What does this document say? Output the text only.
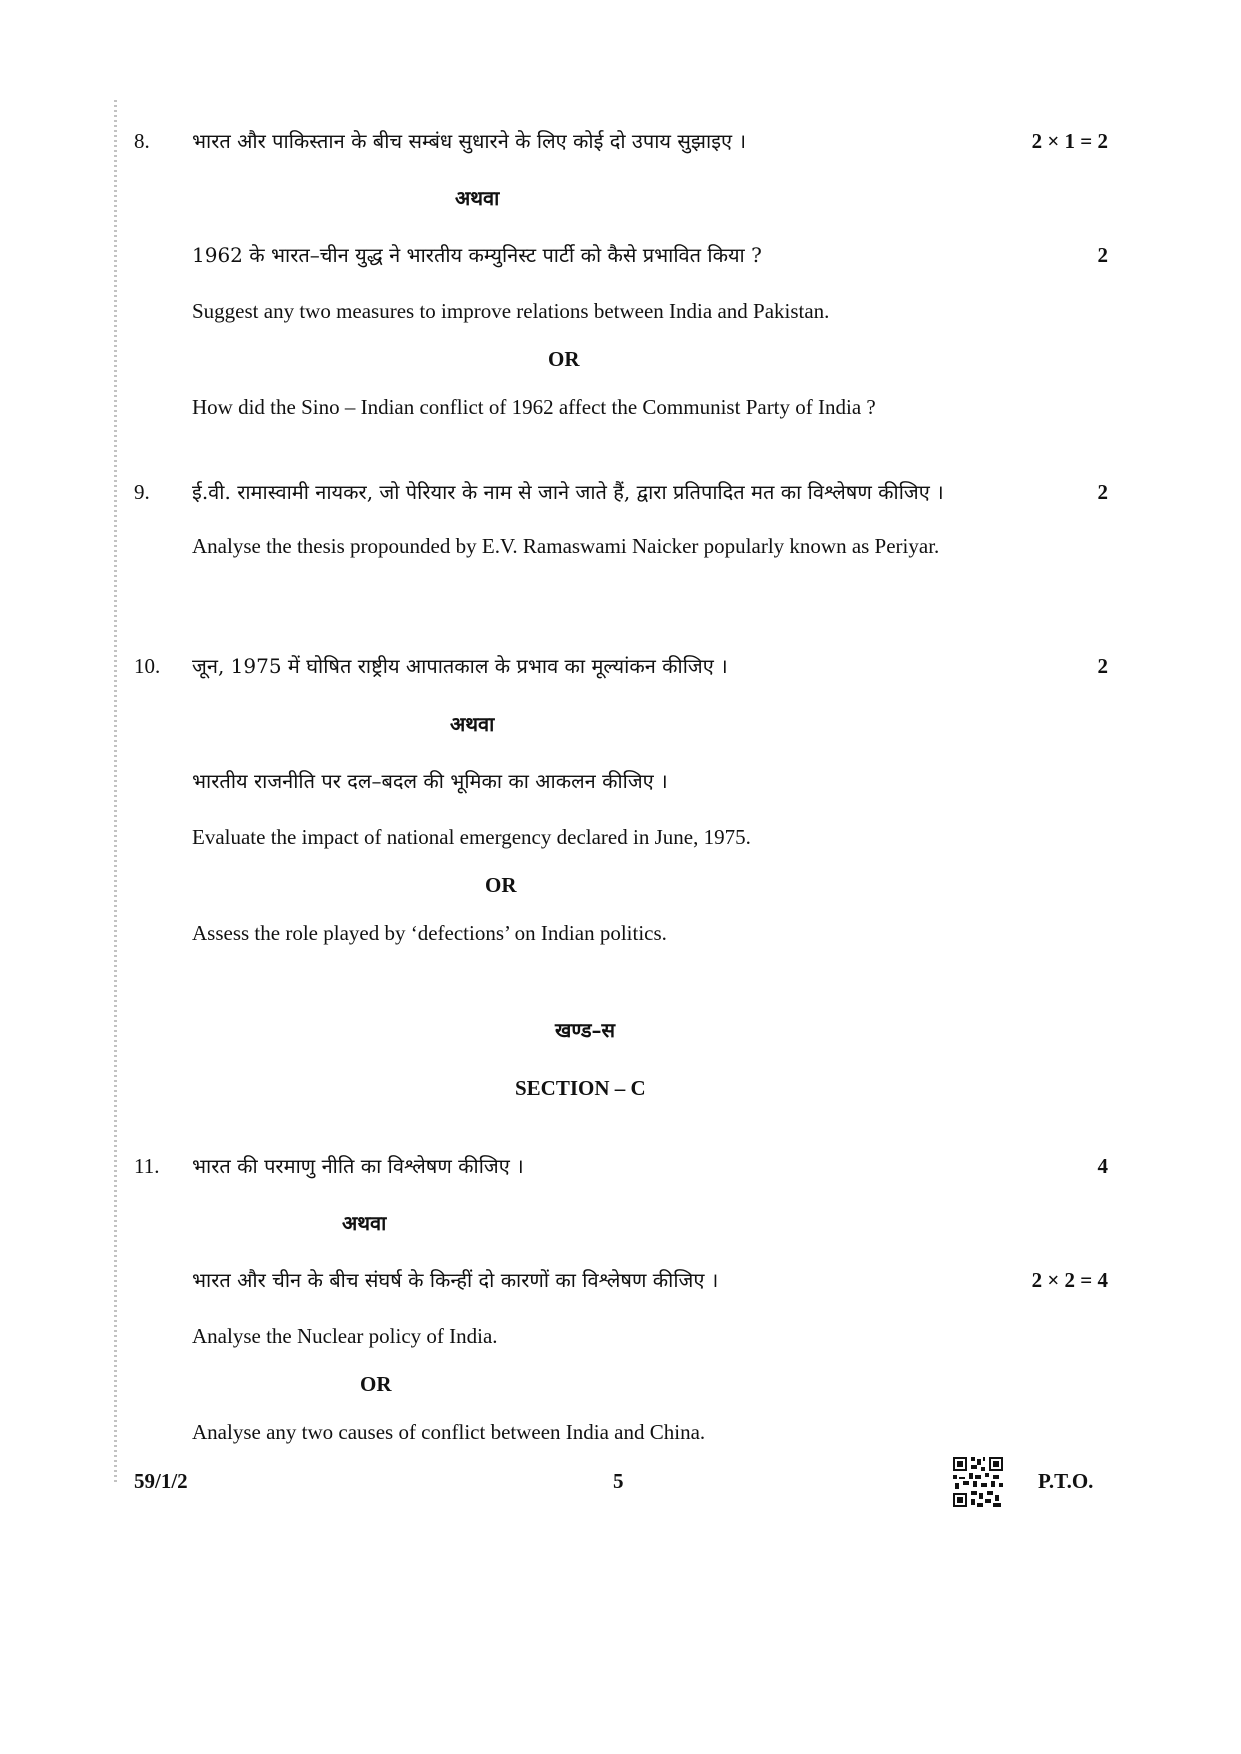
8. भारत और पाकिस्तान के बीच सम्बंध सुधारने के लिए कोई दो उपाय सुझाइए ।	2 × 1 = 2
अथवा
1962 के भारत–चीन युद्ध ने भारतीय कम्युनिस्ट पार्टी को कैसे प्रभावित किया ?	2
Suggest any two measures to improve relations between India and Pakistan.
OR
How did the Sino – Indian conflict of 1962 affect the Communist Party of India ?
9. ई.वी. रामास्वामी नायकर, जो पेरियार के नाम से जाने जाते हैं, द्वारा प्रतिपादित मत का विश्लेषण कीजिए ।	2
Analyse the thesis propounded by E.V. Ramaswami Naicker popularly known as Periyar.
10. जून, 1975 में घोषित राष्ट्रीय आपातकाल के प्रभाव का मूल्यांकन कीजिए ।	2
अथवा
भारतीय राजनीति पर दल–बदल की भूमिका का आकलन कीजिए ।
Evaluate the impact of national emergency declared in June, 1975.
OR
Assess the role played by ‘defections’ on Indian politics.
खण्ड–स
SECTION – C
11. भारत की परमाणु नीति का विश्लेषण कीजिए ।	4
अथवा
भारत और चीन के बीच संघर्ष के किन्हीं दो कारणों का विश्लेषण कीजिए ।	2 × 2 = 4
Analyse the Nuclear policy of India.
OR
Analyse any two causes of conflict between India and China.
59/1/2	5	P.T.O.
